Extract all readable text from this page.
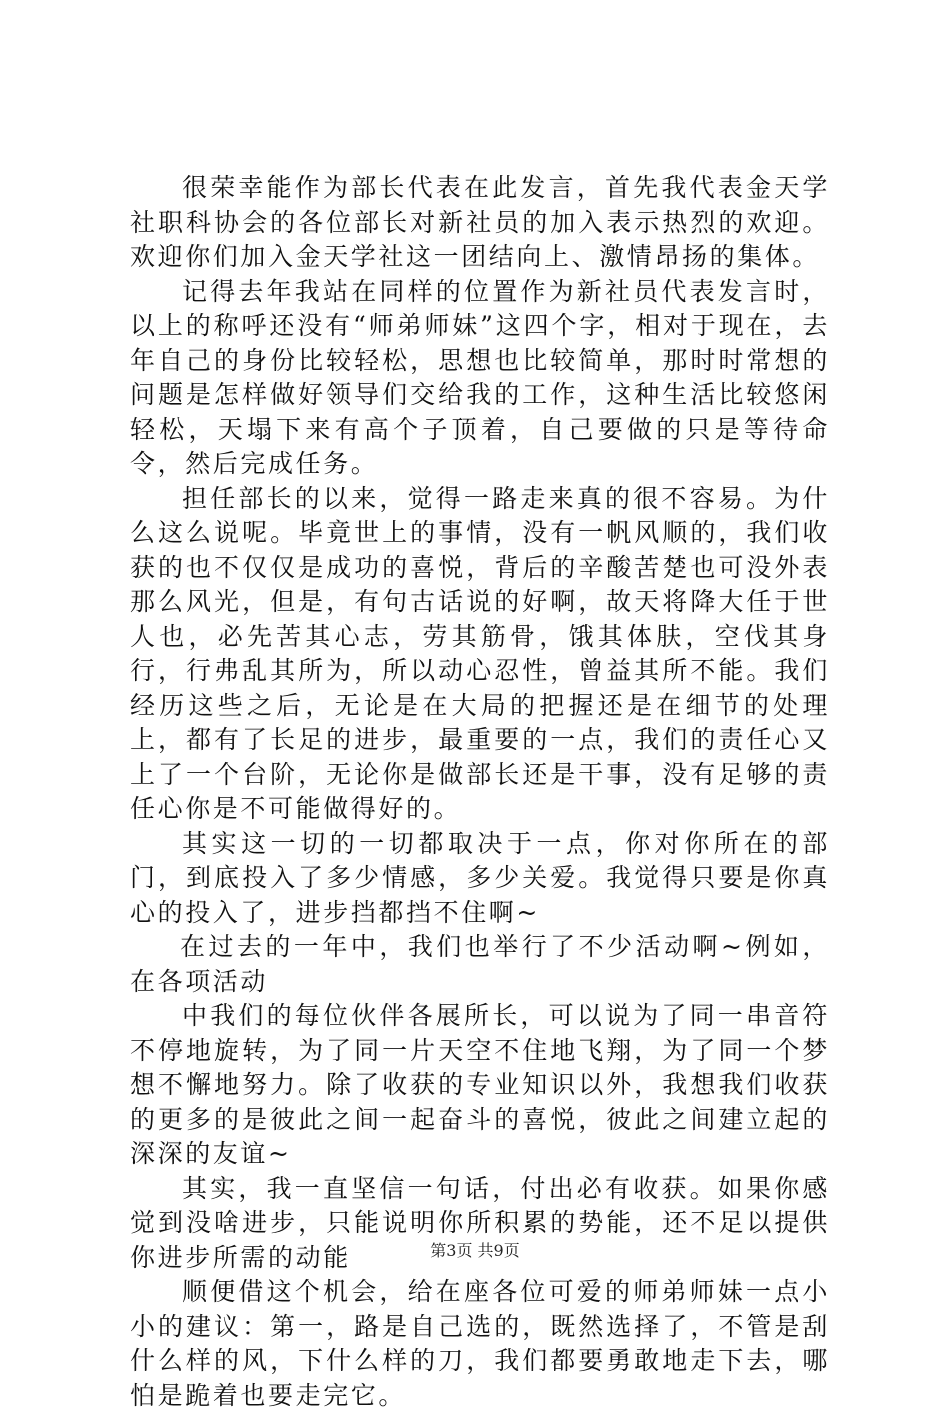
很荣幸能作为部长代表在此发言，首先我代表金天学社职科协会的各位部长对新社员的加入表示热烈的欢迎。欢迎你们加入金天学社这一团结向上、激情昂扬的集体。

记得去年我站在同样的位置作为新社员代表发言时，以上的称呼还没有“师弟师妹”这四个字，相对于现在，去年自己的身份比较轻松，思想也比较简单，那时时常想的问题是怎样做好领导们交给我的工作，这种生活比较悠闲轻松，天塌下来有高个子顶着，自己要做的只是等待命令，然后完成任务。

担任部长的以来，觉得一路走来真的很不容易。为什么这么说呢。毕竟世上的事情，没有一帆风顺的，我们收获的也不仅仅是成功的喜悦，背后的辛酸苦楚也可没外表那么风光，但是，有句古话说的好啊，故天将降大任于世人也，必先苦其心志，劳其筋骨，饿其体肤，空伐其身行，行弗乱其所为，所以动心忍性，曾益其所不能。我们经历这些之后，无论是在大局的把握还是在细节的处理上，都有了长足的进步，最重要的一点，我们的责任心又上了一个台阶，无论你是做部长还是干事，没有足够的责任心你是不可能做得好的。

其实这一切的一切都取决于一点，你对你所在的部门，到底投入了多少情感，多少关爱。我觉得只要是你真心的投入了，进步挡都挡不住啊~

在过去的一年中，我们也举行了不少活动啊~例如，在各项活动

中我们的每位伙伴各展所长，可以说为了同一串音符不停地旋转，为了同一片天空不住地飞翔，为了同一个梦想不懈地努力。除了收获的专业知识以外，我想我们收获的更多的是彼此之间一起奋斗的喜悦，彼此之间建立起的深深的友谊~

其实，我一直坚信一句话，付出必有收获。如果你感觉到没啥进步，只能说明你所积累的势能，还不足以提供你进步所需的动能

顺便借这个机会，给在座各位可爱的师弟师妹一点小小的建议：第一，路是自己选的，既然选择了，不管是刮什么样的风，下什么样的刀，我们都要勇敢地走下去，哪怕是跪着也要走完它。

第3页 共9页
